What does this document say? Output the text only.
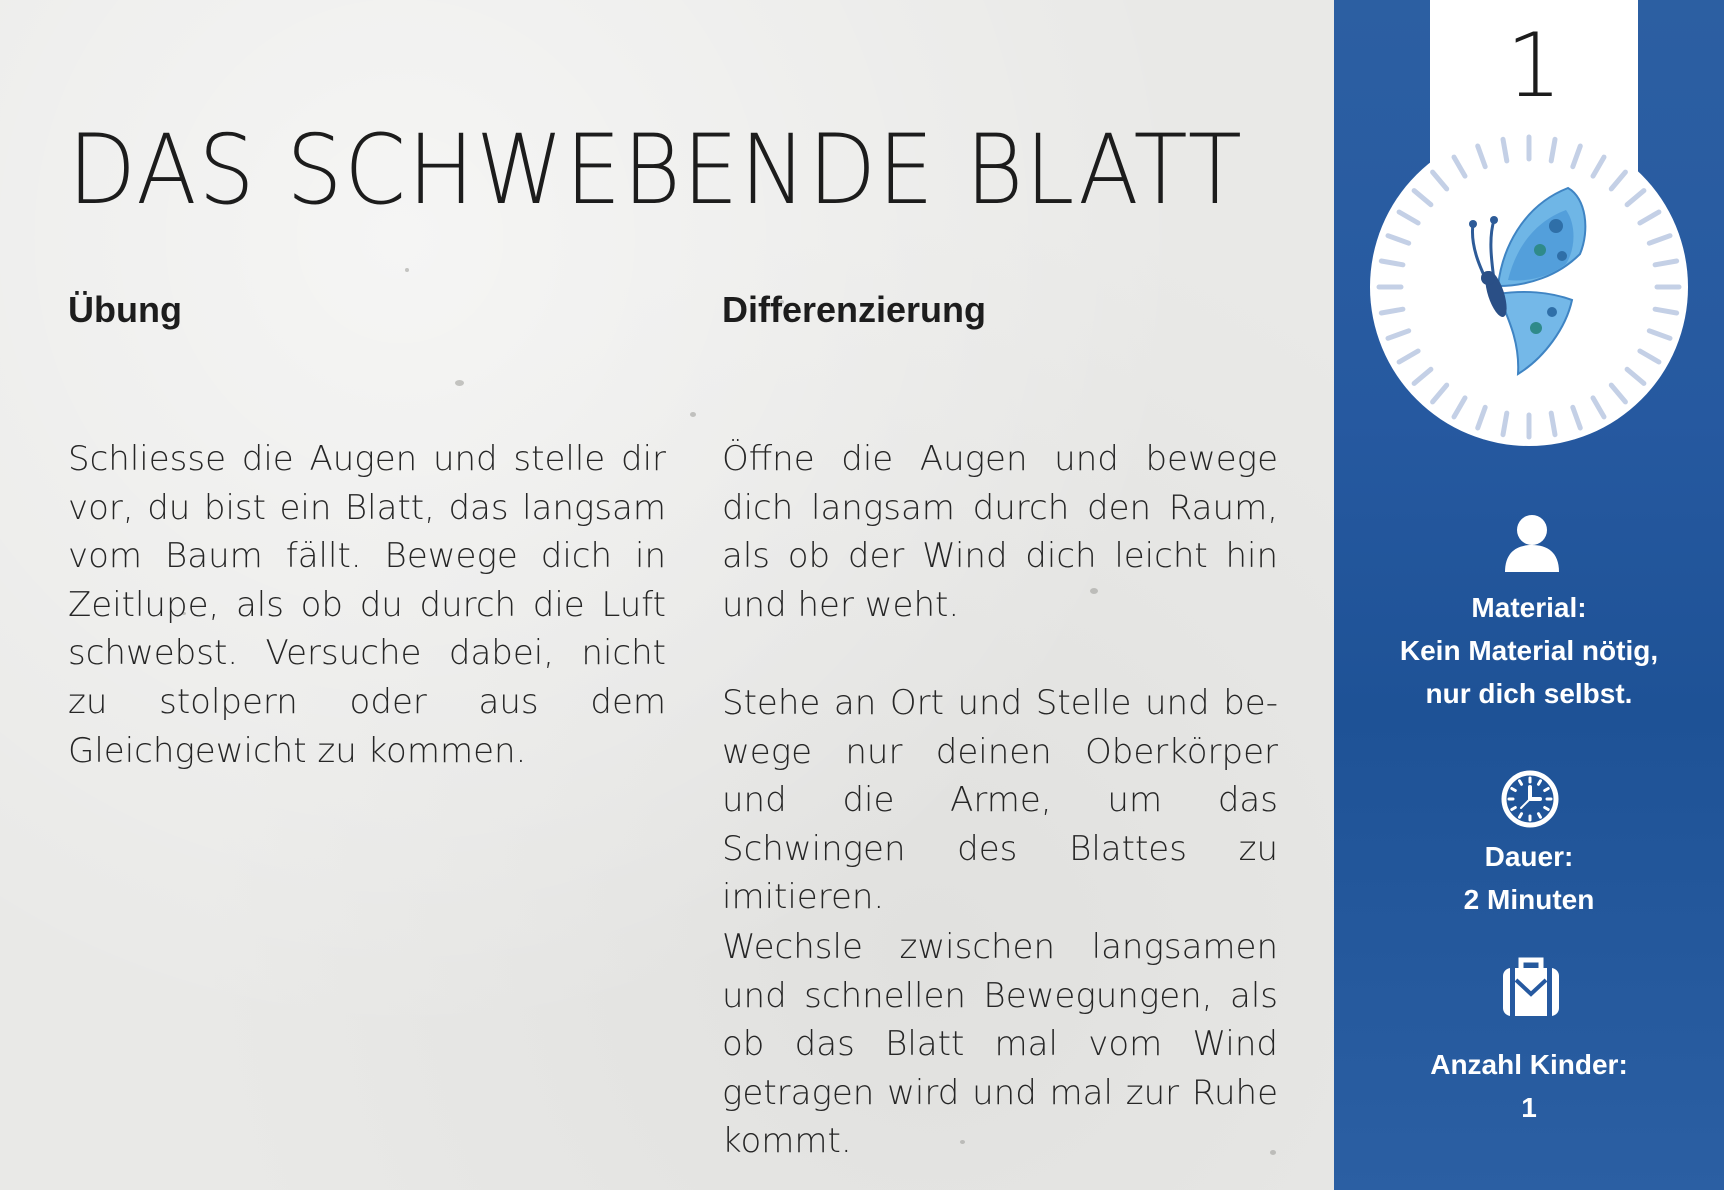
DAS SCHWEBENDE BLATT
Übung	Differenzierung

Schliesse die Augen und stelle dir vor, du bist ein Blatt, das langsam vom Baum fällt. Bewege dich in Zeitlupe, als ob du durch die Luft schwebst. Versuche dabei, nicht zu stolpern oder aus dem Gleichgewicht zu kommen.

Öffne die Augen und bewege dich langsam durch den Raum, als ob der Wind dich leicht hin und her weht.

Stehe an Ort und Stelle und bewege nur deinen Oberkörper und die Arme, um das Schwingen des Blattes zu imitieren.

Wechsle zwischen langsamen und schnellen Bewegungen, als ob das Blatt mal vom Wind getragen wird und mal zur Ruhe kommt.

1

Material:

Kein Material nötig,

nur dich selbst.

Dauer:

2 Minuten

Anzahl Kinder:

1
